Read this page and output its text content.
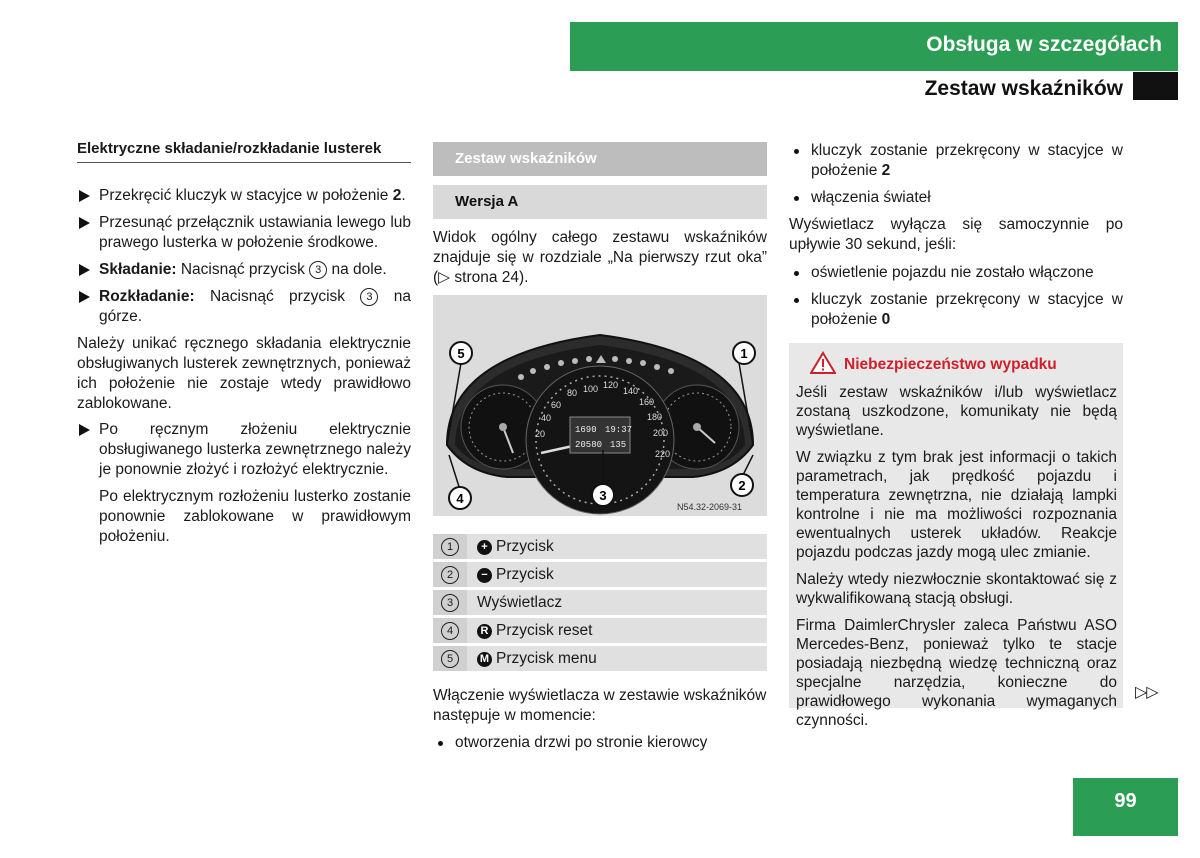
Obsługa w szczegółach
Zestaw wskaźników
Elektryczne składanie/rozkładanie lusterek
Przekręcić kluczyk w stacyjce w położenie 2.
Przesunąć przełącznik ustawiania lewego lub prawego lusterka w położenie środkowe.
Składanie: Nacisnąć przycisk 3 na dole.
Rozkładanie: Nacisnąć przycisk 3 na górze.
Należy unikać ręcznego składania elektrycznie obsługiwanych lusterek zewnętrznych, ponieważ ich położenie nie zostaje wtedy prawidłowo zablokowane.
Po ręcznym złożeniu elektrycznie obsługiwanego lusterka zewnętrznego należy je ponownie złożyć i rozłożyć elektrycznie.
Po elektrycznym rozłożeniu lusterko zostanie ponownie zablokowane w prawidłowym położeniu.
Zestaw wskaźników
Wersja A
Widok ogólny całego zestawu wskaźników znajduje się w rozdziale „Na pierwszy rzut oka” (▷ strona 24).
1690 19:37
20580 135
100 120
140
160
180
200
220
80
60
40
20
5	1
3
4
2
N54.32-2069-31
1	+ Przycisk
2	− Przycisk
3	Wyświetlacz
4	R Przycisk reset
5	M Przycisk menu
Włączenie wyświetlacza w zestawie wskaźników następuje w momencie:
otworzenia drzwi po stronie kierowcy
kluczyk zostanie przekręcony w stacyjce w położenie 2
włączenia świateł
Wyświetlacz wyłącza się samoczynnie po upływie 30 sekund, jeśli:
oświetlenie pojazdu nie zostało włączone
kluczyk zostanie przekręcony w stacyjce w położenie 0
Niebezpieczeństwo wypadku

Jeśli zestaw wskaźników i/lub wyświetlacz zostaną uszkodzone, komunikaty nie będą wyświetlane.

W związku z tym brak jest informacji o takich parametrach, jak prędkość pojazdu i temperatura zewnętrzna, nie działają lampki kontrolne i nie ma możliwości rozpoznania ewentualnych usterek układów. Reakcje pojazdu podczas jazdy mogą ulec zmianie.

Należy wtedy niezwłocznie skontaktować się z wykwalifikowaną stacją obsługi.

Firma DaimlerChrysler zaleca Państwu ASO Mercedes-Benz, ponieważ tylko te stacje posiadają niezbędną wiedzę techniczną oraz specjalne narzędzia, konieczne do prawidłowego wykonania wymaganych czynności.

▷▷
99
